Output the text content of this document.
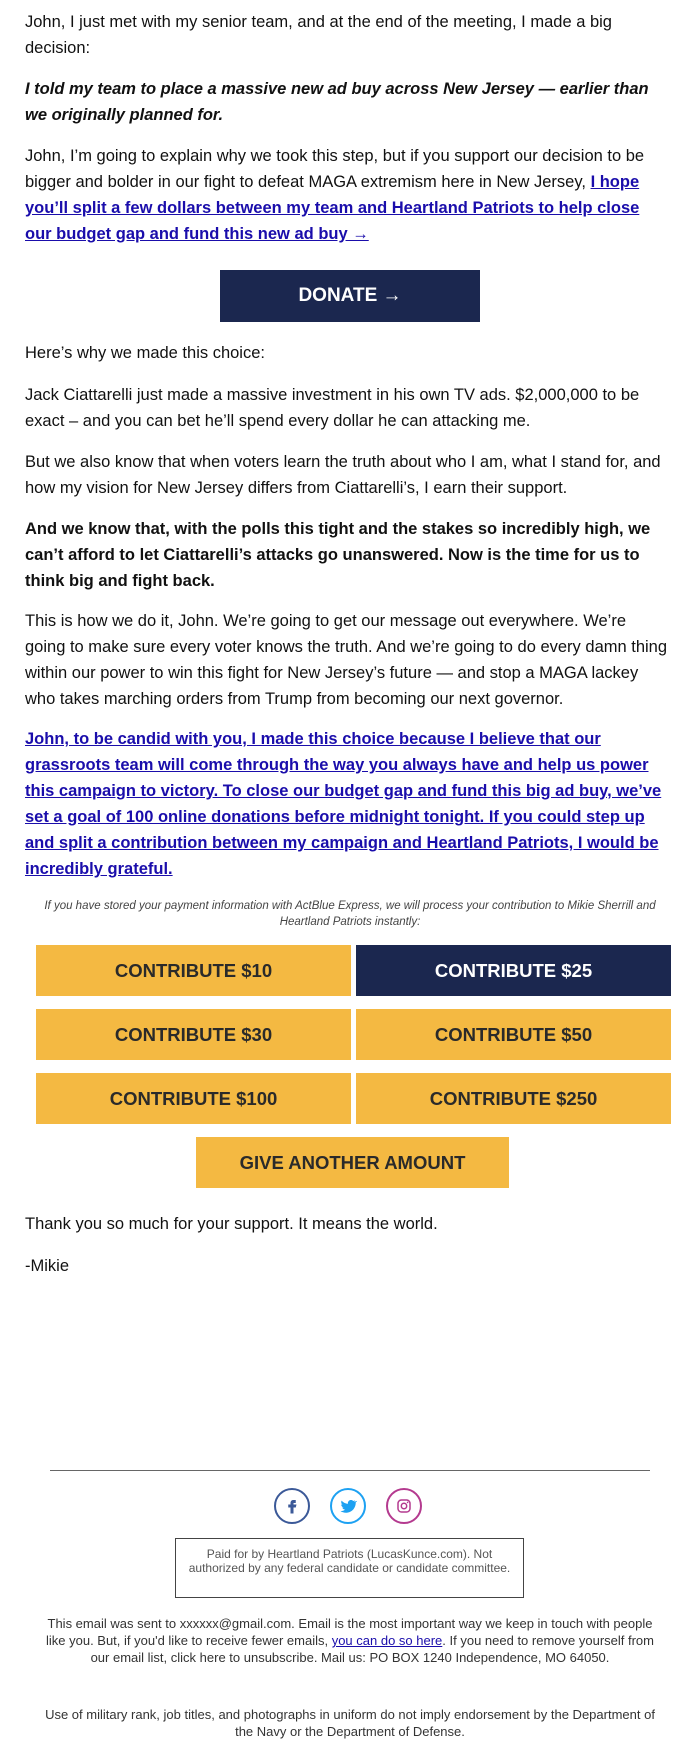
John, I just met with my senior team, and at the end of the meeting, I made a big decision:

I told my team to place a massive new ad buy across New Jersey — earlier than we originally planned for.

John, I’m going to explain why we took this step, but if you support our decision to be bigger and bolder in our fight to defeat MAGA extremism here in New Jersey, I hope you’ll split a few dollars between my team and Heartland Patriots to help close our budget gap and fund this new ad buy →

DONATE →

Here’s why we made this choice:

Jack Ciattarelli just made a massive investment in his own TV ads. $2,000,000 to be exact – and you can bet he’ll spend every dollar he can attacking me.

But we also know that when voters learn the truth about who I am, what I stand for, and how my vision for New Jersey differs from Ciattarelli’s, I earn their support.

And we know that, with the polls this tight and the stakes so incredibly high, we can’t afford to let Ciattarelli’s attacks go unanswered. Now is the time for us to think big and fight back.

This is how we do it, John. We’re going to get our message out everywhere. We’re going to make sure every voter knows the truth. And we’re going to do every damn thing within our power to win this fight for New Jersey’s future — and stop a MAGA lackey who takes marching orders from Trump from becoming our next governor.

John, to be candid with you, I made this choice because I believe that our grassroots team will come through the way you always have and help us power this campaign to victory. To close our budget gap and fund this big ad buy, we’ve set a goal of 100 online donations before midnight tonight. If you could step up and split a contribution between my campaign and Heartland Patriots, I would be incredibly grateful.

If you have stored your payment information with ActBlue Express, we will process your contribution to Mikie Sherrill and Heartland Patriots instantly:
CONTRIBUTE $10	CONTRIBUTE $25
CONTRIBUTE $30	CONTRIBUTE $50
CONTRIBUTE $100	CONTRIBUTE $250
GIVE ANOTHER AMOUNT

Thank you so much for your support. It means the world.

-Mikie

Paid for by Heartland Patriots (LucasKunce.com). Not authorized by any federal candidate or candidate committee.
This email was sent to xxxxxx@gmail.com. Email is the most important way we keep in touch with people like you. But, if you'd like to receive fewer emails, you can do so here. If you need to remove yourself from our email list, click here to unsubscribe. Mail us: PO BOX 1240 Independence, MO 64050.
Use of military rank, job titles, and photographs in uniform do not imply endorsement by the Department of the Navy or the Department of Defense.
